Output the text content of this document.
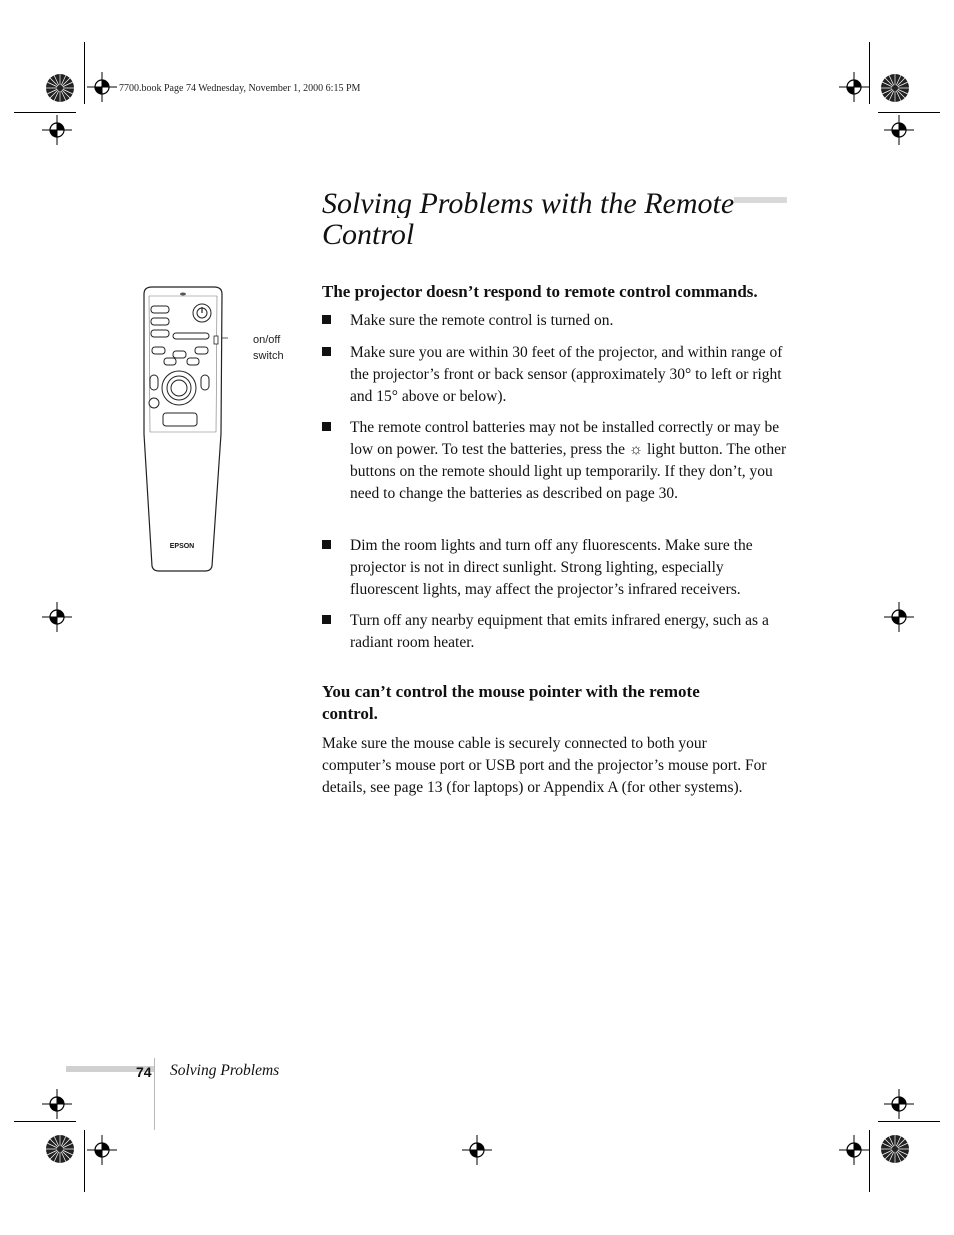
7700.book Page 74 Wednesday, November 1, 2000 6:15 PM
Solving Problems with the Remote Control
EPSON
on/off
switch
The projector doesn’t respond to remote control commands.
Make sure the remote control is turned on.
Make sure you are within 30 feet of the projector, and within range of the projector’s front or back sensor (approximately 30° to left or right and 15° above or below).
The remote control batteries may not be installed correctly or may be low on power. To test the batteries, press the ☼ light button. The other buttons on the remote should light up temporarily. If they don’t, you need to change the batteries as described on page 30.
Dim the room lights and turn off any fluorescents. Make sure the projector is not in direct sunlight. Strong lighting, especially fluorescent lights, may affect the projector’s infrared receivers.
Turn off any nearby equipment that emits infrared energy, such as a radiant room heater.
You can’t control the mouse pointer with the remote control.

Make sure the mouse cable is securely connected to both your computer’s mouse port or USB port and the projector’s mouse port. For details, see page 13 (for laptops) or Appendix A (for other systems).

74 Solving Problems
